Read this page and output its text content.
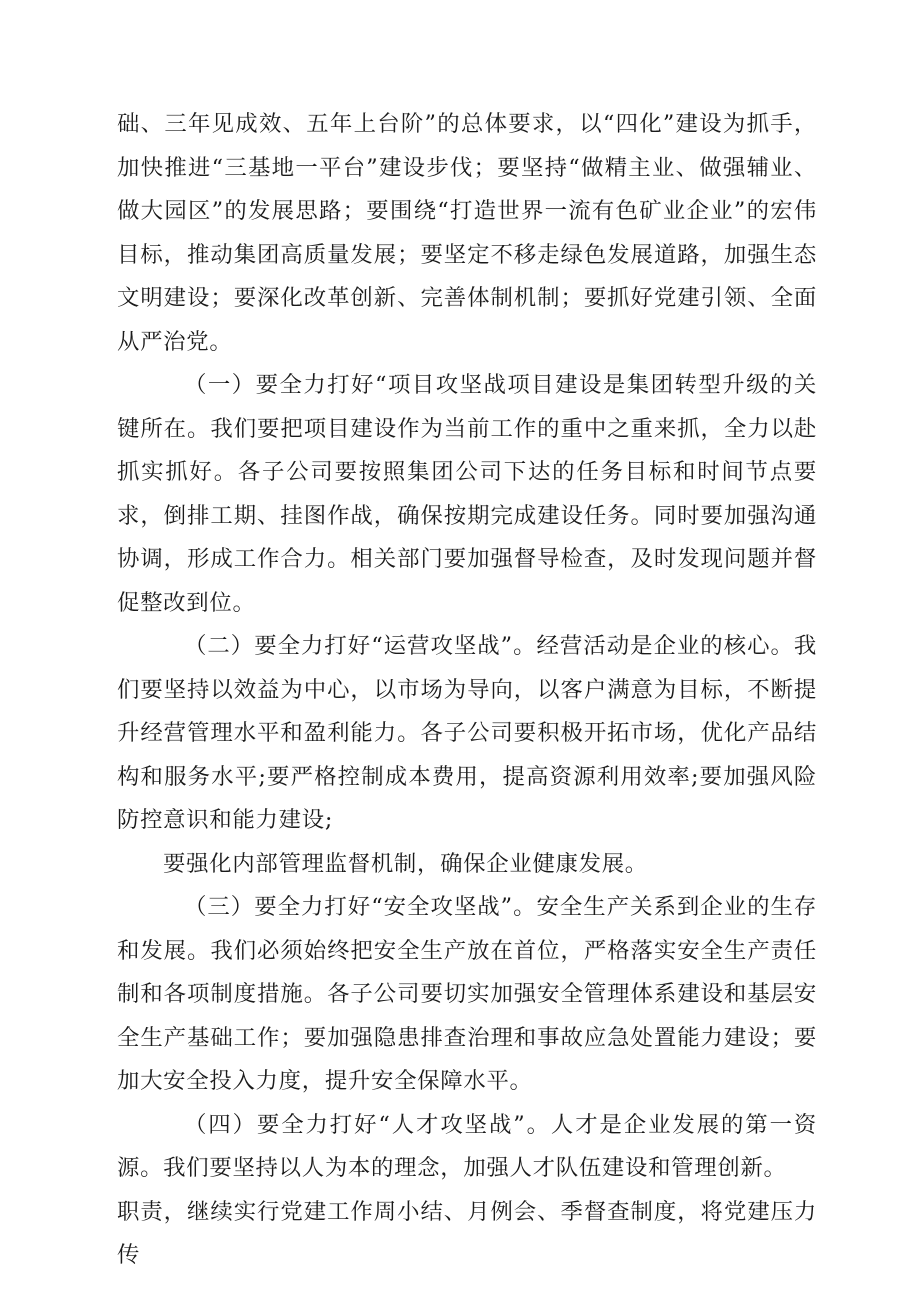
础、三年见成效、五年上台阶”的总体要求，以“四化”建设为抓手，加快推进“三基地一平台”建设步伐；要坚持“做精主业、做强辅业、做大园区”的发展思路；要围绕“打造世界一流有色矿业企业”的宏伟目标，推动集团高质量发展；要坚定不移走绿色发展道路，加强生态文明建设；要深化改革创新、完善体制机制；要抓好党建引领、全面从严治党。

（一）要全力打好“项目攻坚战项目建设是集团转型升级的关键所在。我们要把项目建设作为当前工作的重中之重来抓，全力以赴抓实抓好。各子公司要按照集团公司下达的任务目标和时间节点要求，倒排工期、挂图作战，确保按期完成建设任务。同时要加强沟通协调，形成工作合力。相关部门要加强督导检查，及时发现问题并督促整改到位。

（二）要全力打好“运营攻坚战”。经营活动是企业的核心。我们要坚持以效益为中心，以市场为导向，以客户满意为目标，不断提升经营管理水平和盈利能力。各子公司要积极开拓市场，优化产品结构和服务水平;要严格控制成本费用，提高资源利用效率;要加强风险防控意识和能力建设;

要强化内部管理监督机制，确保企业健康发展。

（三）要全力打好“安全攻坚战”。安全生产关系到企业的生存和发展。我们必须始终把安全生产放在首位，严格落实安全生产责任制和各项制度措施。各子公司要切实加强安全管理体系建设和基层安全生产基础工作；要加强隐患排查治理和事故应急处置能力建设；要加大安全投入力度，提升安全保障水平。

（四）要全力打好“人才攻坚战”。人才是企业发展的第一资源。我们要坚持以人为本的理念，加强人才队伍建设和管理创新。

职责，继续实行党建工作周小结、月例会、季督查制度，将党建压力传
